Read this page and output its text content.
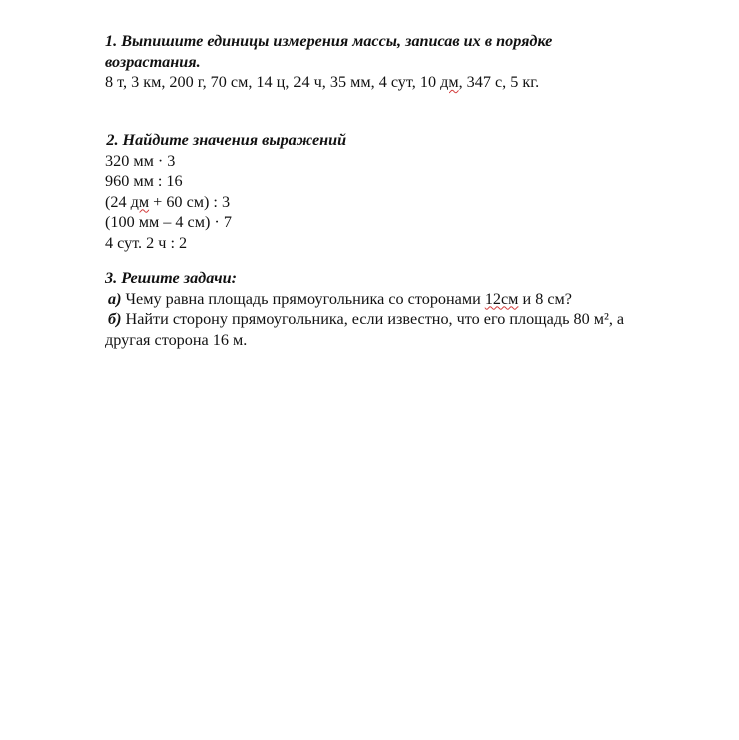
1. Выпишите единицы измерения массы, записав их в порядке

возрастания.

8 т, 3 км, 200 г, 70 см, 14 ц, 24 ч, 35 мм, 4 сут, 10 дм, 347 с, 5 кг.

 2. Найдите значения выражений

320 мм · 3

960 мм : 16

(24 дм + 60 см) : 3

(100 мм – 4 см) · 7

4 сут. 2 ч : 2

3. Решите задачи:

а) Чему равна площадь прямоугольника со сторонами 12см и 8 см?

б) Найти сторону прямоугольника, если известно, что его площадь 80 м², а

другая сторона 16 м.
